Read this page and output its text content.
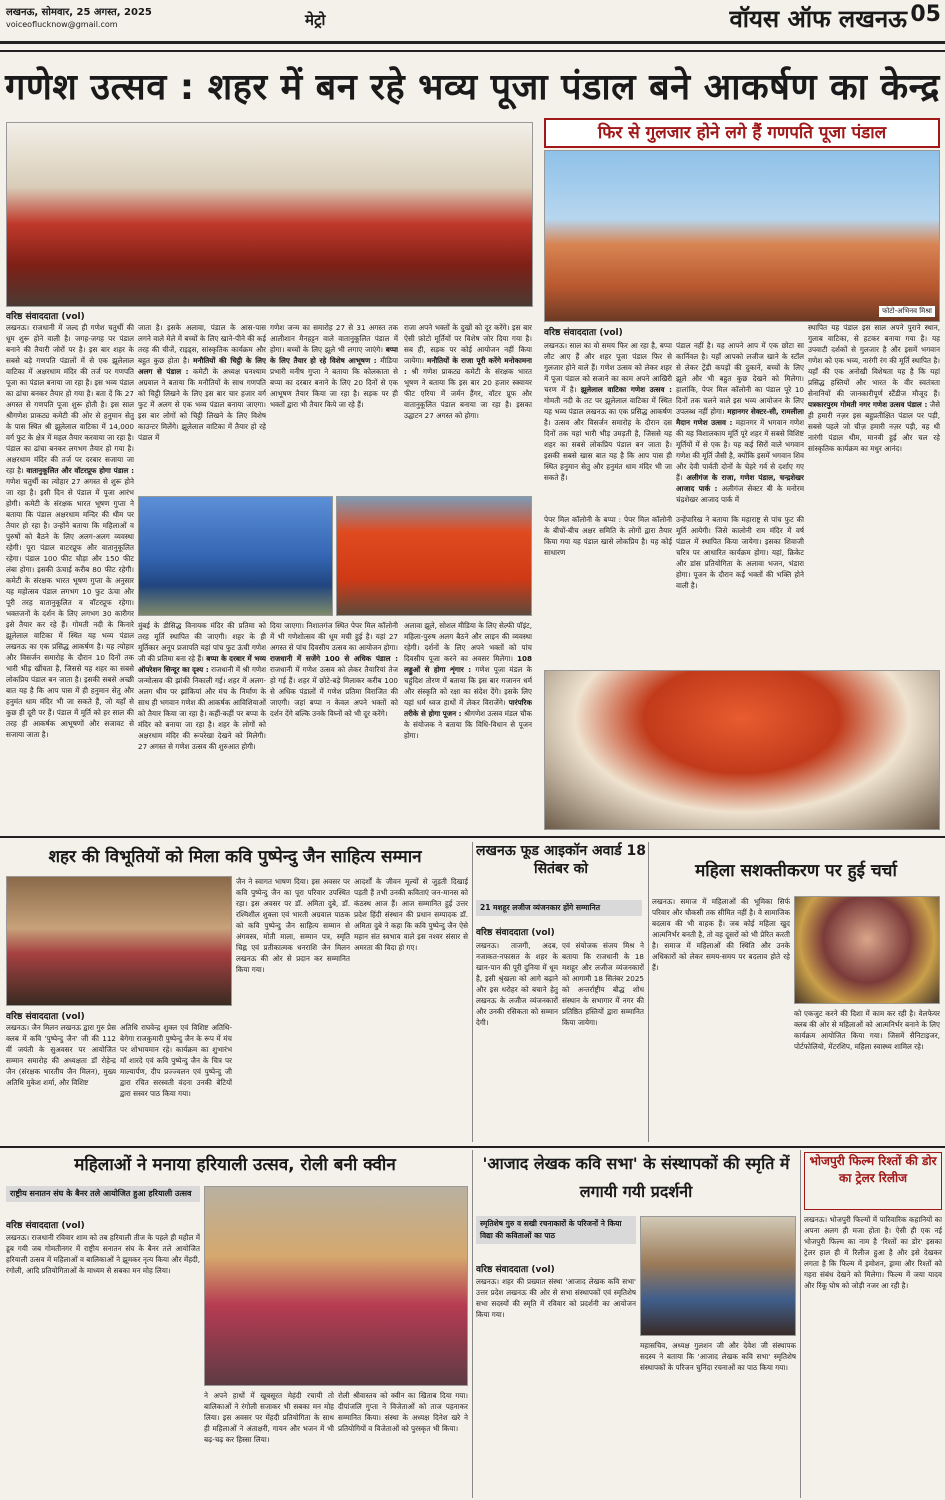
लखनऊ, सोमवार, 25 अगस्त, 2025
voiceoflucknow@gmail.com	मेट्रो	वॉयस ऑफ लखनऊ 05
गणेश उत्सव : शहर में बन रहे भव्य पूजा पंडाल बने आकर्षण का केन्द्र
वरिष्ठ संवाददाता (vol)
फिर से गुलजार होने लगे हैं गणपति पूजा पंडाल
फोटो-अभिनव मिश्रा
वरिष्ठ संवाददाता (vol)
लखनऊ। राजधानी में जल्द ही गणेश चतुर्थी की धूम शुरू होने वाली है। जगह-जगह पर पंडाल बनाने की तैयारी जोरों पर है। इस बार शहर के सबसे बड़े गणपति पंडालों में से एक झूलेलाल वाटिका में अक्षरधाम मंदिर की तर्ज पर गणपति पूजा का पंडाल बनाया जा रहा है। इस भव्य पंडाल का ढांचा बनकर तैयार हो गया है। बता दें कि 27 अगस्त से गणपति पूजा शुरू होती है। इस साल श्रीगणेश प्राकट्य कमेटी की ओर से हनुमान सेतु के पास स्थित श्री झूलेलाल वाटिका में 14,000 वर्ग फुट के क्षेत्र में महल तैयार करवाया जा रहा है। पंडाल का ढांचा बनकर लगभग तैयार हो गया है। अक्षरधाम मंदिर की तर्ज पर दरबार सजाया जा रहा है। वातानुकूलित और वॉटरप्रूफ होगा पंडाल : गणेश चतुर्थी का त्योहार 27 अगस्त से शुरू होने जा रहा है। इसी दिन से पंडाल में पूजा आरंभ होगी। कमेटी के संरक्षक भारत भूषण गुप्ता ने बताया कि पंडाल अक्षरधाम मन्दिर की थीम पर तैयार हो रहा है। उन्होंने बताया कि महिलाओं व पुरुषों को बैठने के लिए अलग-अलग व्यवस्था रहेगी। पूरा पंडाल वाटरप्रूफ और वातानुकूलित रहेगा। पंडाल 100 फीट चौड़ा और 150 फीट लंबा होगा। इसकी ऊंचाई करीब 80 फीट रहेगी। कमेटी के संरक्षक भारत भूषण गुप्ता के अनुसार यह महोत्सव पंडाल लगभग 10 फुट ऊंचा और पूरी तरह वातानुकूलित व वॉटरप्रूफ रहेगा। भक्तजनों के दर्शन के लिए लगभग 30 कारीगर इसे तैयार कर रहे हैं। गोमती नदी के किनारे झूलेलाल वाटिका में स्थित यह भव्य पंडाल लखनऊ का एक प्रसिद्ध आकर्षण है। यह त्योहार और विसर्जन समारोह के दौरान 10 दिनों तक भारी भीड़ खींचता है, जिससे यह शहर का सबसे लोकप्रिय पंडाल बन जाता है। इसकी सबसे अच्छी बात यह है कि आप पास में ही हनुमान सेतु और हनुमंत धाम मंदिर भी जा सकते हैं, जो यहाँ से कुछ ही दूरी पर हैं। पंडाल में मूर्ति को हर साल की तरह ही आकर्षक आभूषणों और सजावट से सजाया जाता है।
जाता है। इसके अलावा, पंडाल के आस-पास लगने वाले मेले में बच्चों के लिए खाने-पीने की कई तरह की चीजें, राइड्स, सांस्कृतिक कार्यक्रम और बहुत कुछ होता है। मनौतियों की चिट्ठी के लिए अलग से पंडाल : कमेटी के अध्यक्ष घनश्याम अग्रवाल ने बताया कि मनौतियों के साथ गणपति को चिट्ठी लिखने के लिए इस बार चार हजार वर्ग फुट में अलग से एक भव्य पंडाल बनाया जाएगा। इस बार लोगों को चिट्ठी लिखने के लिए विशेष काउन्टर मिलेंगे। झूलेलाल वाटिका में तैयार हो रहे पंडाल में
गणेश जन्म का समारोह 27 से 31 अगस्त तक आलीशान मैनहट्टन वाले वातानुकूलित पंडाल में होगा। बच्चों के लिए झूले भी लगाए जाएंगे। बप्पा के लिए तैयार हो रहे विशेष आभूषण : मीडिया प्रभारी मनीष गुप्ता ने बताया कि कोलकाता से बप्पा का दरबार बनाने के लिए 20 दिनों से एक आभूषण तैयार किया जा रहा है। सड़क पर ही भक्तों द्वारा भी तैयार किये जा रहे हैं।
राजा अपने भक्तों के दुखों को दूर करेंगे। इस बार ऐसी फ़ोटो मूर्तियों पर विशेष जोर दिया गया है। सब ही, सड़क पर कोई आयोजन नहीं किया जायेगा। मनौतियों के राजा पूरी करेंगे मनोकामना : श्री गणेश प्राकट्य कमेटी के संरक्षक भारत भूषण ने बताया कि इस बार 20 हजार स्क्वायर फीट एरिया में जर्मन हैंगर, वॉटर प्रूफ और वातानुकूलित पंडाल बनाया जा रहा है। इसका उद्घाटन 27 अगस्त को होगा।
मुंबई के डीसिद्ध विनायक मंदिर की प्रतिमा को तरह मूर्ति स्थापित की जाएगी। शहर के ही मूर्तिकार अनूप प्रजापति यहां पांच फुट ऊंची गणेश जी की प्रतिमा बना रहे हैं। बप्पा के दरबार में भव्य ऑपरेशन सिन्दूर का दृश्य : राजधानी में श्री गणेश जन्मोत्सव की झांकी निकाली गई। शहर में अलग-अलग थीम पर झांकियां और मंच के निर्माण के साथ ही भगवान गणेश की आकर्षक आविशियाओं को तैयार किया जा रहा है। कहीं-कहीं पर बप्पा के मंदिर को बनाया जा रहा है। शहर के लोगों को अक्षरधाम मंदिर की रूपरेखा देखने को मिलेगी। 27 अगस्त से गणेश उत्सव की शुरुआत होगी।
दिया जाएगा। निशातगंज स्थित पेपर मिल कॉलोनी में भी गणेशोत्सव की धूम मची हुई है। यहां 27 अगस्त से पांच दिवसीय उत्सव का आयोजन होगा। राजधानी में सजेंगे 100 से अधिक पंडाल : राजधानी में गणेश उत्सव को लेकर तैयारियां तेज हो गई हैं। शहर में छोटे-बड़े मिलाकर करीब 100 से अधिक पंडालों में गणेश प्रतिमा विराजित की जाएगी। जहां बप्पा न केवल अपने भक्तों को दर्शन देंगे बल्कि उनके विघ्नों को भी दूर करेंगे।
अलावा झूले, सोशल मीडिया के लिए सेल्फी पॉइंट, महिला-पुरुष अलग बैठने और लाइन की व्यवस्था रहेगी। दर्शनों के लिए अपने भक्तों को पांच दिवसीय पूजा करने का अवसर मिलेगा। 108 लड्डुओं से होगा शृंगार : गणेश पूजा मंडल के चहुंदिश तोरण में बताया कि इस बार गजानन धर्म और संस्कृति को रक्षा का संदेश देंगे। इसके लिए यहां धर्म ध्वज हाथों में लेकर विराजेंगे। पारंपरिक तरीके से होगा पूजन : श्रीगणेश उत्सव मंडल चौक के संयोजक ने बताया कि विधि-विधान से पूजन होगा।
लखनऊ। साल का वो समय फिर आ रहा है, बप्पा लौट आए हैं और शहर पूजा पंडाल फिर से गुलजार होने वाले हैं। गणेश उत्सव को लेकर शहर में पूजा पंडाल को सजाने का काम अपने आखिरी चरण में है। झूलेलाल वाटिका गणेश उत्सव : गोमती नदी के तट पर झूलेलाल वाटिका में स्थित यह भव्य पंडाल लखनऊ का एक प्रसिद्ध आकर्षण है। उत्सव और विसर्जन समारोह के दौरान दस दिनों तक यहां भारी भीड़ उमड़ती है, जिससे यह शहर का सबसे लोकप्रिय पंडाल बन जाता है। इसकी सबसे खास बात यह है कि आप पास ही स्थित हनुमान सेतु और हनुमंत धाम मंदिर भी जा सकते हैं।
पंडाल नहीं है। यह आपने आप में एक छोटा सा कार्निवल है। यहाँ आपको लजीज खाने के स्टॉल से लेकर ट्रेंडी कपड़ों की दुकानें, बच्चों के लिए झूले और भी बहुत कुछ देखने को मिलेगा। हालांकि, पेपर मिल कॉलोनी का पंडाल पूरे 10 दिनों तक चलने वाले इस भव्य आयोजन के लिए उपलब्ध नहीं होगा। महानगर सेक्टर-सी, रामलीला मैदान गणेश उत्सव : महानगर में भगवान गणेश की यह विशालकाय मूर्ति पूरे शहर में सबसे विशिष्ट मूर्तियों में से एक है। यह कई सिरों वाले भगवान गणेश की मूर्ति जैसी है, क्योंकि इसमें भगवान शिव और देवी पार्वती दोनों के चेहरे गर्व से दर्शाए गए हैं। अलीगंज के राजा, गणेश पंडाल, चन्द्रशेखर आजाद पार्क : अलीगंज सेक्टर बी के मनोरम चंद्रशेखर आजाद पार्क में
स्थापित यह पंडाल इस साल अपने पुराने स्थान, गुलाब वाटिका, से हटकर बनाया गया है। यह उपवाटी दर्शकों से गुलजार है और इसमें भगवान गणेश को एक भव्य, नारंगी रंग की मूर्ति स्थापित है। यहाँ की एक अनोखी विशेषता यह है कि यहां प्रसिद्ध हस्तियों और भारत के वीर स्वतंत्रता सेनानियों की जानकारीपूर्ण स्टैंडीज मौजूद हैं। पत्रकारपुरम गोमती नगर गणेश उत्सव पंडाल : जैसे ही हमारी नज़र इस बहुप्रतीक्षित पंडाल पर पड़ी, सबसे पहले जो चीज़ हमारी नज़र पड़ी, वह थी नारंगी पंडाल थीम, मानवी हुई और चल रहे सांस्कृतिक कार्यक्रम का मधुर आनंद।
पेपर मिल कॉलोनी के बप्पा : पेपर मिल कॉलोनी के बीचों-बीच अक्षर समिति के लोगों द्वारा तैयार किया गया यह पंडाल खासे लोकप्रिय है। यह कोई साधारण
उन्हेंपारिख ने बताया कि महाराष्ट्र से पांच फुट की मूर्ति आयेगी। जिसे कालोनी राम मंदिर में वर्ष पंडाल में स्थापित किया जायेगा। इसका शिवाजी चरित्र पर आधारित कार्यक्रम होगा। यहां, क्रिकेट और डांस प्रतियोगिता के अलावा भजन, भंडारा होगा। पूजन के दौरान कई भक्तों की भक्ति होने वाली है।
शहर की विभूतियों को मिला कवि पुष्पेन्दु जैन साहित्य सम्मान
वरिष्ठ संवाददाता (vol)
लखनऊ। जैन मिलन लखनऊ द्वारा गुरु प्रेस क्लब में कवि 'पुष्पेन्दु जैन' जी की 112 वीं जयंती के सुअवसर पर आयोजित सम्मान समारोह की अध्यक्षता डॉ रोहेन्द्र जैन (संरक्षक भारतीय जैन मिलन), मुख्य अतिथि मुकेश शर्मा, और विशिष्ट
अतिथि राघवेन्द्र शुक्ल एवं विशिष्ट अतिथि-बेगेगा राजकुमारी पुष्पेन्दु जैन के रूप में मंच पर शोभायमान रहे। कार्यक्रम का शुभारंभ माँ शारदे एवं कवि पुष्पेन्दु जैन के चित्र पर माल्यार्पण, दीप प्रज्ज्वलन एवं पुष्पेन्दु जी द्वारा रचित सरस्वती वंदना उनकी बेटियों द्वारा सस्वर पाठ किया गया।
जैन ने स्वागत भाषण दिया। इस अवसर पर कवि पुष्पेन्दु जैन का पूरा परिवार उपस्थित रहा। इस अवसर पर डॉ. अमिता दुबे, डॉ. रश्मिशील शुक्ला एवं भारती अग्रवाल पाठक को कवि पुष्पेन्दु जैन साहित्य सम्मान से अंगवस्त्र, मोती माला, सम्मान पत्र, स्मृति चिह्न एवं प्रतीकात्मक धनराशि जैन मिलन लखनऊ की ओर से प्रदान कर सम्मानित किया गया।
आदर्शों के जीवन मूल्यों से जुड़ती दिखाई पड़ती हैं तभी उनकी कविताएं जन-मानस को कंठस्थ आज हैं। आज सम्मानित हुई उत्तर प्रदेश हिंदी संस्थान की प्रधान सम्पादक डॉ. अमिता दुबे ने कहा कि कवि पुष्पेन्दु जैन ऐसे महान संत स्वभाव वाले इस नश्वर संसार से अमरता की विदा हो गए।
लखनऊ फूड आइकॉन अवार्ड 18 सितंबर को
21 मशहूर लजीज व्यंजनकार होंगे सम्मानित
वरिष्ठ संवाददाता (vol)
लखनऊ। ताजगी, अदब, नजाकत-नफासत के शहर के खान-पान की पूरी दुनिया में धूम है, इसी श्रृंखला को आगे बढ़ाने और इस धरोहर को बचाने हेतु लखनऊ के लजीज व्यंजनकारों और उनकी रसिकता को सम्मान देगी।
एवं संयोजक संजय मिश्र ने बताया कि राजधानी के 18 मशहूर और लजीज व्यंजनकारों को आगामी 18 सितंबर 2025 को अन्तर्राष्ट्रीय बौद्ध शोध संस्थान के सभागार में नगर की प्रतिष्ठित हस्तियों द्वारा सम्मानित किया जायेगा।
महिला सशक्तीकरण पर हुई चर्चा
लखनऊ। समाज में महिलाओं की भूमिका सिर्फ परिवार और चौकसी तक सीमित नहीं है। वे सामाजिक बदलाव की भी वाहक हैं। जब कोई महिला खुद आत्मनिर्भर बनती है, तो वह दूसरों को भी प्रेरित करती है। समाज में महिलाओं की स्थिति और उनके अधिकारों को लेकर समय-समय पर बदलाव होते रहे हैं।
को एकजुट करने की दिशा में काम कर रही है। वेलफेयर क्लब की ओर से महिलाओं को आत्मनिर्भर बनाने के लिए कार्यक्रम आयोजित किया गया। जिसमें सैनिटाइजर, पोर्टफोलियो, मेंटरशिप, महिला स्वास्थ्य शामिल रहे।
महिलाओं ने मनाया हरियाली उत्सव, रोली बनी क्वीन
राष्ट्रीय सनातन संघ के बैनर तले आयोजित हुआ हरियाली उत्सव
वरिष्ठ संवाददाता (vol)
लखनऊ। राजधानी रविवार शाम को तब हरियाली तीज के पहले ही महौल में डूब गयी जब गोमतीनगर में राष्ट्रीय सनातन संघ के बैनर तले आयोजित हरियाली उत्सव में महिलाओं व बालिकाओं ने झूमकर नृत्य किया और मेंहदी, रंगोली, आदि प्रतियोगिताओं के माध्यम से सबका मन मोह लिया।
ने अपने हाथों में खूबसूरत मेहंदी रचायी तो बालिकाओं ने रंगोली सजाकर भी सबका मन मोह लिया। इस अवसर पर मेंहदी प्रतियोगिता के साथ ही महिलाओं ने अंताक्षरी, गायन और भजन में भी बढ़-चढ़ कर हिस्सा लिया।
रोली श्रीवास्तव को क्वीन का खिताब दिया गया। दीपांजलि गुप्ता ने विजेताओं को ताज पहनाकर सम्मानित किया। संस्था के अध्यक्ष दिनेश खरे ने प्रतियोगियों व विजेताओं को पुरस्कृत भी किया।
'आजाद लेखक कवि सभा' के संस्थापकों की स्मृति में लगायी गयी प्रदर्शनी
स्मृतिशेष गुरु व सखी रचनाकारों के परिजनों ने किया विद्या की कविताओं का पाठ
वरिष्ठ संवाददाता (vol)
लखनऊ। शहर की प्रख्यात संस्था 'आजाद लेखक कवि सभा' उत्तर प्रदेश लखनऊ की ओर से सभा संस्थापकों एवं स्मृतिशेष सभा सदस्यों की स्मृति में रविवार को प्रदर्शनी का आयोजन किया गया।
महासचिव, अध्यक्ष गुलशन जी और देवेश जी संस्थापक सदस्य ने बताया कि 'आजाद लेखक कवि सभा' स्मृतिशेष संस्थापकों के परिजन चुनिंदा रचनाओं का पाठ किया गया।
भोजपुरी फिल्म रिश्तों की डोर का ट्रेलर रिलीज
लखनऊ। भोजपुरी फिल्मों में पारिवारिक कहानियों का अपना अलग ही मजा होता है। ऐसी ही एक नई भोजपुरी फिल्म का नाम है 'रिश्तों का डोर' इसका ट्रेलर हाल ही में रिलीज हुआ है और इसे देखकर लगता है कि फिल्म में इमोशन, ड्रामा और रिश्तों को गहरा संबंध देखने को मिलेगा। फिल्म में जया यादव और रिंकू घोष को जोड़ी नजर आ रही है।
